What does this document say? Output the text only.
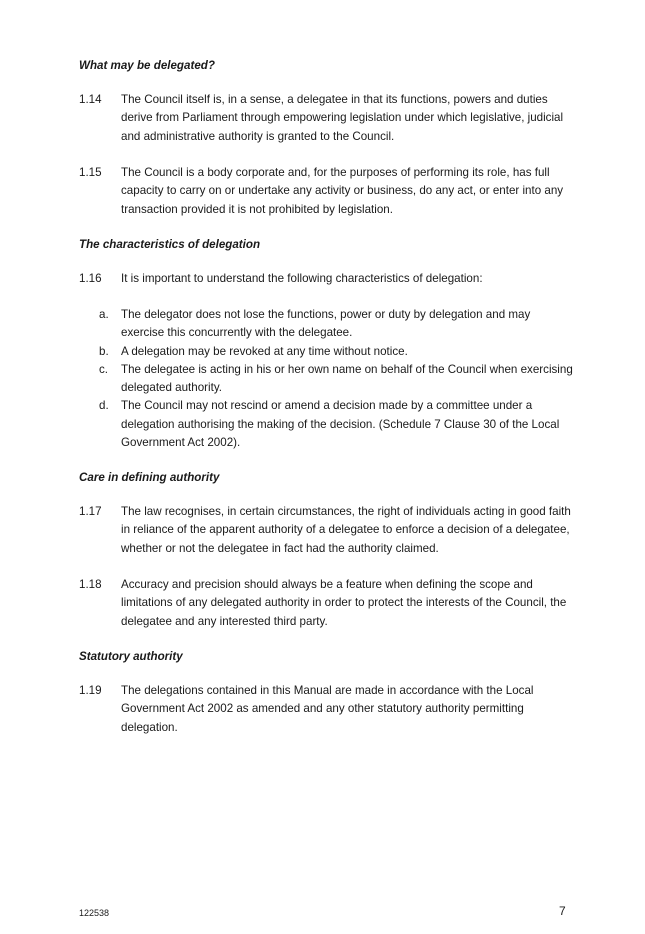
What may be delegated?
1.14 The Council itself is, in a sense, a delegatee in that its functions, powers and duties derive from Parliament through empowering legislation under which legislative, judicial and administrative authority is granted to the Council.
1.15 The Council is a body corporate and, for the purposes of performing its role, has full capacity to carry on or undertake any activity or business, do any act, or enter into any transaction provided it is not prohibited by legislation.
The characteristics of delegation
1.16 It is important to understand the following characteristics of delegation:
a. The delegator does not lose the functions, power or duty by delegation and may exercise this concurrently with the delegatee.
b. A delegation may be revoked at any time without notice.
c. The delegatee is acting in his or her own name on behalf of the Council when exercising delegated authority.
d. The Council may not rescind or amend a decision made by a committee under a delegation authorising the making of the decision. (Schedule 7 Clause 30 of the Local Government Act 2002).
Care in defining authority
1.17 The law recognises, in certain circumstances, the right of individuals acting in good faith in reliance of the apparent authority of a delegatee to enforce a decision of a delegatee, whether or not the delegatee in fact had the authority claimed.
1.18 Accuracy and precision should always be a feature when defining the scope and limitations of any delegated authority in order to protect the interests of the Council, the delegatee and any interested third party.
Statutory authority
1.19 The delegations contained in this Manual are made in accordance with the Local Government Act 2002 as amended and any other statutory authority permitting delegation.
122538	7
